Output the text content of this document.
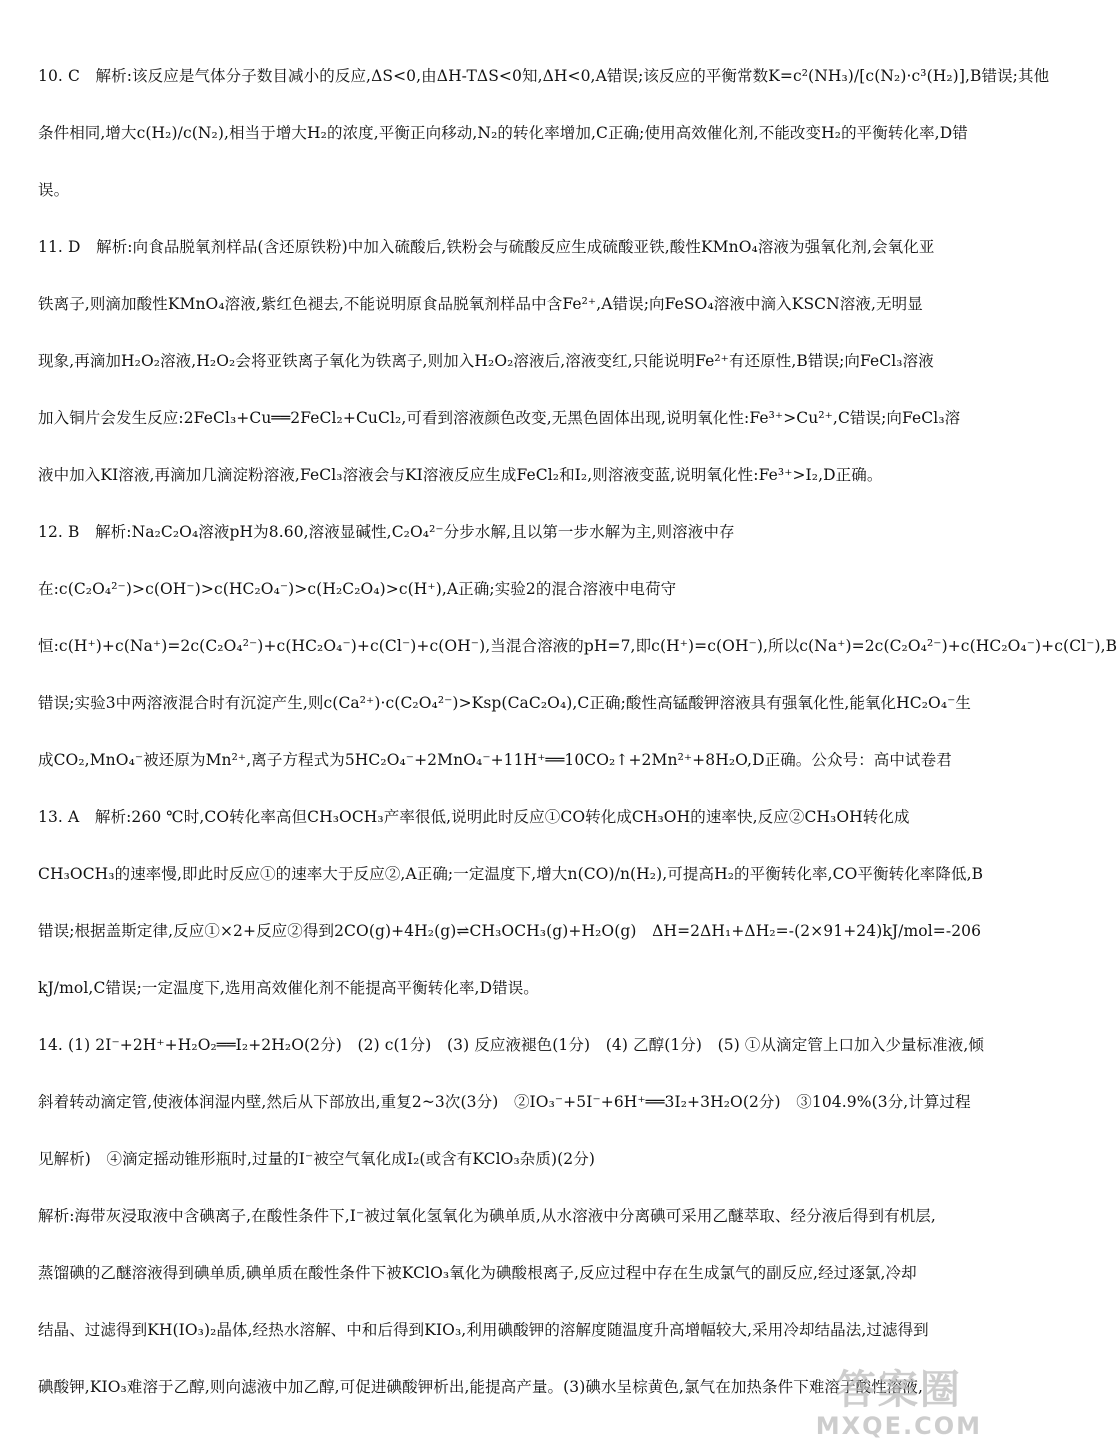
10. C　解析:该反应是气体分子数目减小的反应,ΔS<0,由ΔH-TΔS<0知,ΔH<0,A错误;该反应的平衡常数K=c²(NH₃)/[c(N₂)·c³(H₂)],B错误;其他
条件相同,增大c(H₂)/c(N₂),相当于增大H₂的浓度,平衡正向移动,N₂的转化率增加,C正确;使用高效催化剂,不能改变H₂的平衡转化率,D错
误。
11. D　解析:向食品脱氧剂样品(含还原铁粉)中加入硫酸后,铁粉会与硫酸反应生成硫酸亚铁,酸性KMnO₄溶液为强氧化剂,会氧化亚
铁离子,则滴加酸性KMnO₄溶液,紫红色褪去,不能说明原食品脱氧剂样品中含Fe²⁺,A错误;向FeSO₄溶液中滴入KSCN溶液,无明显
现象,再滴加H₂O₂溶液,H₂O₂会将亚铁离子氧化为铁离子,则加入H₂O₂溶液后,溶液变红,只能说明Fe²⁺有还原性,B错误;向FeCl₃溶液
加入铜片会发生反应:2FeCl₃+Cu══2FeCl₂+CuCl₂,可看到溶液颜色改变,无黑色固体出现,说明氧化性:Fe³⁺>Cu²⁺,C错误;向FeCl₃溶
液中加入KI溶液,再滴加几滴淀粉溶液,FeCl₃溶液会与KI溶液反应生成FeCl₂和I₂,则溶液变蓝,说明氧化性:Fe³⁺>I₂,D正确。
12. B　解析:Na₂C₂O₄溶液pH为8.60,溶液显碱性,C₂O₄²⁻分步水解,且以第一步水解为主,则溶液中存
在:c(C₂O₄²⁻)>c(OH⁻)>c(HC₂O₄⁻)>c(H₂C₂O₄)>c(H⁺),A正确;实验2的混合溶液中电荷守
恒:c(H⁺)+c(Na⁺)=2c(C₂O₄²⁻)+c(HC₂O₄⁻)+c(Cl⁻)+c(OH⁻),当混合溶液的pH=7,即c(H⁺)=c(OH⁻),所以c(Na⁺)=2c(C₂O₄²⁻)+c(HC₂O₄⁻)+c(Cl⁻),B
错误;实验3中两溶液混合时有沉淀产生,则c(Ca²⁺)·c(C₂O₄²⁻)>Ksp(CaC₂O₄),C正确;酸性高锰酸钾溶液具有强氧化性,能氧化HC₂O₄⁻生
成CO₂,MnO₄⁻被还原为Mn²⁺,离子方程式为5HC₂O₄⁻+2MnO₄⁻+11H⁺══10CO₂↑+2Mn²⁺+8H₂O,D正确。公众号：高中试卷君
13. A　解析:260 ℃时,CO转化率高但CH₃OCH₃产率很低,说明此时反应①CO转化成CH₃OH的速率快,反应②CH₃OH转化成
CH₃OCH₃的速率慢,即此时反应①的速率大于反应②,A正确;一定温度下,增大n(CO)/n(H₂),可提高H₂的平衡转化率,CO平衡转化率降低,B
错误;根据盖斯定律,反应①×2+反应②得到2CO(g)+4H₂(g)⇌CH₃OCH₃(g)+H₂O(g)　ΔH=2ΔH₁+ΔH₂=-(2×91+24)kJ/mol=-206
kJ/mol,C错误;一定温度下,选用高效催化剂不能提高平衡转化率,D错误。
14. (1) 2I⁻+2H⁺+H₂O₂══I₂+2H₂O(2分)　(2) c(1分)　(3) 反应液褪色(1分)　(4) 乙醇(1分)　(5) ①从滴定管上口加入少量标准液,倾
斜着转动滴定管,使液体润湿内壁,然后从下部放出,重复2~3次(3分)　②IO₃⁻+5I⁻+6H⁺══3I₂+3H₂O(2分)　③104.9%(3分,计算过程
见解析)　④滴定摇动锥形瓶时,过量的I⁻被空气氧化成I₂(或含有KClO₃杂质)(2分)
解析:海带灰浸取液中含碘离子,在酸性条件下,I⁻被过氧化氢氧化为碘单质,从水溶液中分离碘可采用乙醚萃取、经分液后得到有机层,
蒸馏碘的乙醚溶液得到碘单质,碘单质在酸性条件下被KClO₃氧化为碘酸根离子,反应过程中存在生成氯气的副反应,经过逐氯,冷却
结晶、过滤得到KH(IO₃)₂晶体,经热水溶解、中和后得到KIO₃,利用碘酸钾的溶解度随温度升高增幅较大,采用冷却结晶法,过滤得到
碘酸钾,KIO₃难溶于乙醇,则向滤液中加乙醇,可促进碘酸钾析出,能提高产量。(3)碘水呈棕黄色,氯气在加热条件下难溶于酸性溶液,
答案圈
MXQE.COM
